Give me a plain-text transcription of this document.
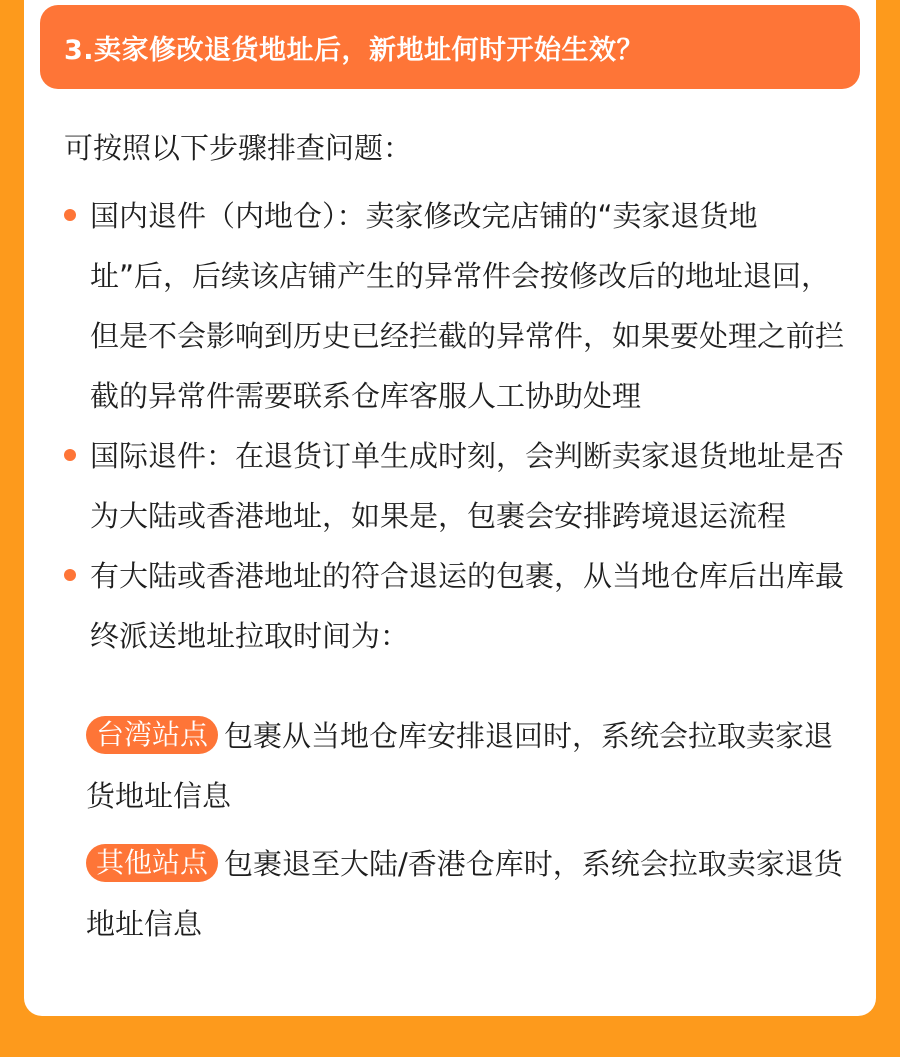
3.卖家修改退货地址后，新地址何时开始生效？

可按照以下步骤排查问题：

国内退件（内地仓）：卖家修改完店铺的“卖家退货地址”后，后续该店铺产生的异常件会按修改后的地址退回，但是不会影响到历史已经拦截的异常件，如果要处理之前拦截的异常件需要联系仓库客服人工协助处理
国际退件：在退货订单生成时刻，会判断卖家退货地址是否为大陆或香港地址，如果是，包裹会安排跨境退运流程
有大陆或香港地址的符合退运的包裹，从当地仓库后出库最终派送地址拉取时间为：
台湾站点 包裹从当地仓库安排退回时，系统会拉取卖家退货地址信息
其他站点 包裹退至大陆/香港仓库时，系统会拉取卖家退货地址信息
